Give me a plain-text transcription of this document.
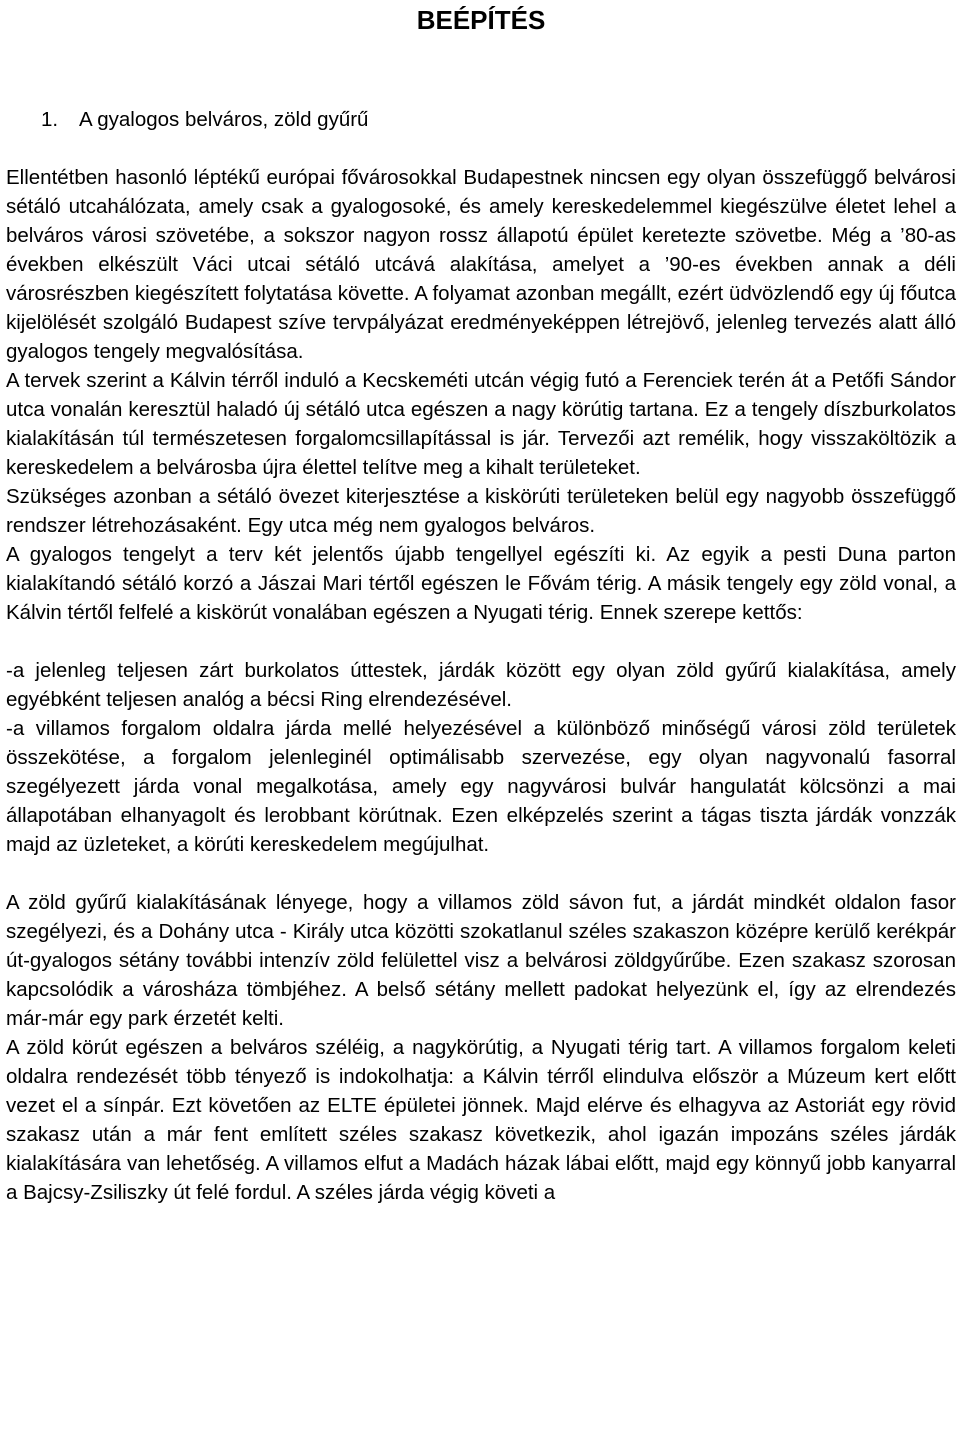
BEÉPÍTÉS
1. A gyalogos belváros, zöld gyűrű

Ellentétben hasonló léptékű európai fővárosokkal Budapestnek nincsen egy olyan összefüggő belvárosi sétáló utcahálózata, amely csak a gyalogosoké, és amely kereskedelemmel kiegészülve életet lehel a belváros városi szövetébe, a sokszor nagyon rossz állapotú épület keretezte szövetbe. Még a ’80-as években elkészült Váci utcai sétáló utcává alakítása, amelyet a ’90-es években annak a déli városrészben kiegészített folytatása követte. A folyamat azonban megállt, ezért üdvözlendő egy új főutca kijelölését szolgáló Budapest szíve tervpályázat eredményeképpen létrejövő, jelenleg tervezés alatt álló gyalogos tengely megvalósítása.

A tervek szerint a Kálvin térről induló a Kecskeméti utcán végig futó a Ferenciek terén át a Petőfi Sándor utca vonalán keresztül haladó új sétáló utca egészen a nagy körútig tartana. Ez a tengely díszburkolatos kialakításán túl természetesen forgalomcsillapítással is jár. Tervezői azt remélik, hogy visszaköltözik a kereskedelem a belvárosba újra élettel telítve meg a kihalt területeket.

Szükséges azonban a sétáló övezet kiterjesztése a kiskörúti területeken belül egy nagyobb összefüggő rendszer létrehozásaként. Egy utca még nem gyalogos belváros.

A gyalogos tengelyt a terv két jelentős újabb tengellyel egészíti ki. Az egyik a pesti Duna parton kialakítandó sétáló korzó a Jászai Mari tértől egészen le Fővám térig. A másik tengely egy zöld vonal, a Kálvin tértől felfelé a kiskörút vonalában egészen a Nyugati térig. Ennek szerepe kettős:

-a jelenleg teljesen zárt burkolatos úttestek, járdák között egy olyan zöld gyűrű kialakítása, amely egyébként teljesen analóg a bécsi Ring elrendezésével.

-a villamos forgalom oldalra járda mellé helyezésével a különböző minőségű városi zöld területek összekötése, a forgalom jelenleginél optimálisabb szervezése, egy olyan nagyvonalú fasorral szegélyezett járda vonal megalkotása, amely egy nagyvárosi bulvár hangulatát kölcsönzi a mai állapotában elhanyagolt és lerobbant körútnak. Ezen elképzelés szerint a tágas tiszta járdák vonzzák majd az üzleteket, a körúti kereskedelem megújulhat.

A zöld gyűrű kialakításának lényege, hogy a villamos zöld sávon fut, a járdát mindkét oldalon fasor szegélyezi, és a Dohány utca - Király utca közötti szokatlanul széles szakaszon középre kerülő kerékpár út-gyalogos sétány további intenzív zöld felülettel visz a belvárosi zöldgyűrűbe. Ezen szakasz szorosan kapcsolódik a városháza tömbjéhez. A belső sétány mellett padokat helyezünk el, így az elrendezés már-már egy park érzetét kelti.

A zöld körút egészen a belváros széléig, a nagykörútig, a Nyugati térig tart. A villamos forgalom keleti oldalra rendezését több tényező is indokolhatja: a Kálvin térről elindulva először a Múzeum kert előtt vezet el a sínpár. Ezt követően az ELTE épületei jönnek. Majd elérve és elhagyva az Astoriát egy rövid szakasz után a már fent említett széles szakasz következik, ahol igazán impozáns széles járdák kialakítására van lehetőség. A villamos elfut a Madách házak lábai előtt, majd egy könnyű jobb kanyarral a Bajcsy-Zsiliszky út felé fordul. A széles járda végig követi a
